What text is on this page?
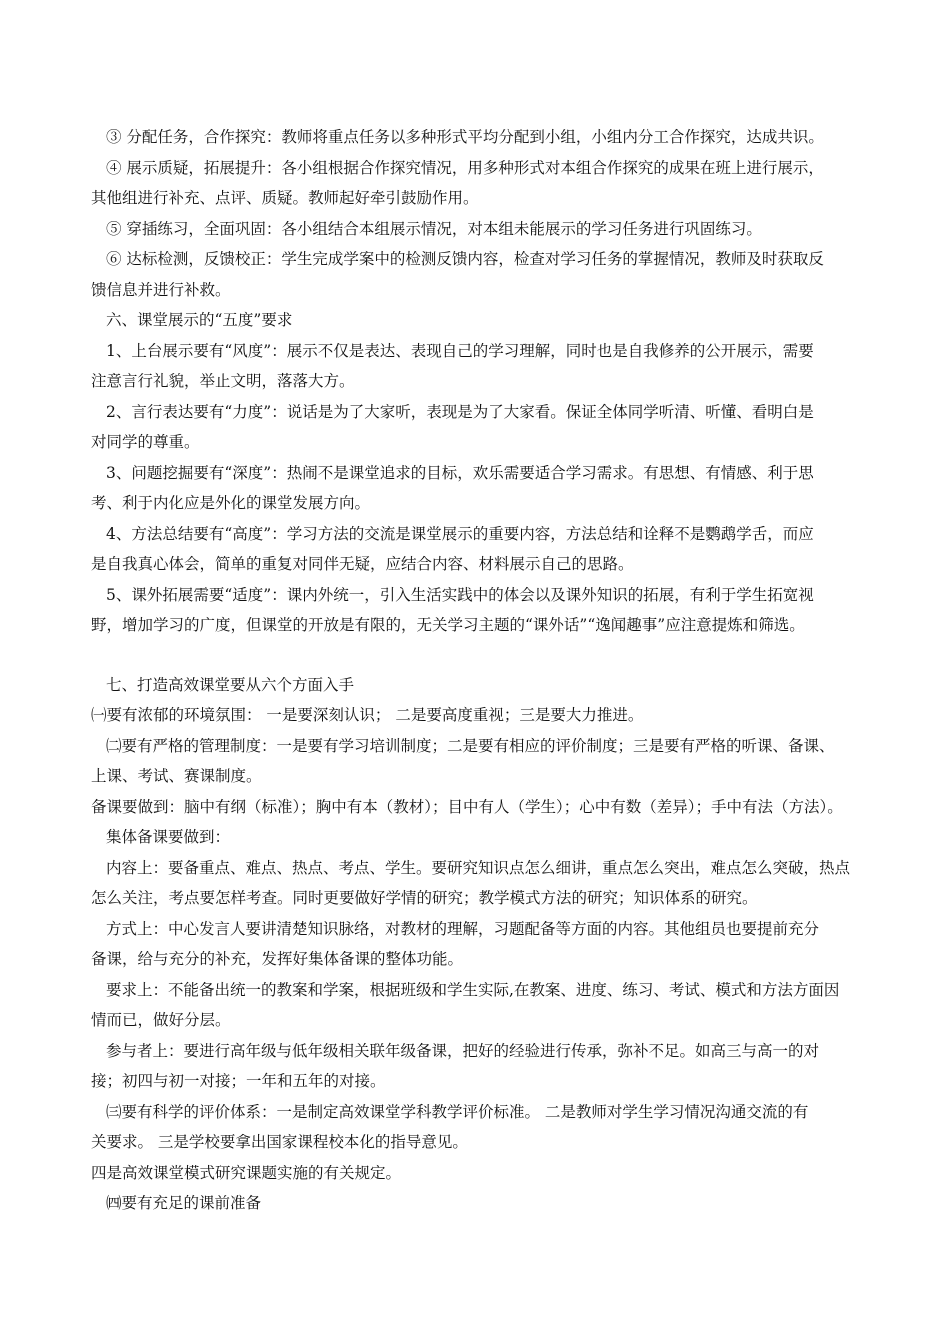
③ 分配任务，合作探究：教师将重点任务以多种形式平均分配到小组，小组内分工合作探究，达成共识。
④ 展示质疑，拓展提升：各小组根据合作探究情况，用多种形式对本组合作探究的成果在班上进行展示，
其他组进行补充、点评、质疑。教师起好牵引鼓励作用。
⑤ 穿插练习，全面巩固：各小组结合本组展示情况，对本组未能展示的学习任务进行巩固练习。
⑥ 达标检测，反馈校正：学生完成学案中的检测反馈内容，检查对学习任务的掌握情况，教师及时获取反
馈信息并进行补救。
六、课堂展示的“五度”要求
1、上台展示要有“风度”：展示不仅是表达、表现自己的学习理解，同时也是自我修养的公开展示，需要
注意言行礼貌，举止文明，落落大方。
2、言行表达要有“力度”：说话是为了大家听，表现是为了大家看。保证全体同学听清、听懂、看明白是
对同学的尊重。
3、问题挖掘要有“深度”：热闹不是课堂追求的目标，欢乐需要适合学习需求。有思想、有情感、利于思
考、利于内化应是外化的课堂发展方向。
4、方法总结要有“高度”：学习方法的交流是课堂展示的重要内容，方法总结和诠释不是鹦鹉学舌，而应
是自我真心体会，简单的重复对同伴无疑，应结合内容、材料展示自己的思路。
5、课外拓展需要“适度”：课内外统一，引入生活实践中的体会以及课外知识的拓展，有利于学生拓宽视
野，增加学习的广度，但课堂的开放是有限的，无关学习主题的“课外话”“逸闻趣事”应注意提炼和筛选。
七、打造高效课堂要从六个方面入手
㈠要有浓郁的环境氛围： 一是要深刻认识； 二是要高度重视；三是要大力推进。
㈡要有严格的管理制度：一是要有学习培训制度；二是要有相应的评价制度；三是要有严格的听课、备课、
上课、考试、赛课制度。
备课要做到：脑中有纲（标准）；胸中有本（教材）；目中有人（学生）；心中有数（差异）；手中有法（方法）。
集体备课要做到：
内容上：要备重点、难点、热点、考点、学生。要研究知识点怎么细讲，重点怎么突出，难点怎么突破，热点
怎么关注，考点要怎样考查。同时更要做好学情的研究；教学模式方法的研究；知识体系的研究。
方式上：中心发言人要讲清楚知识脉络，对教材的理解，习题配备等方面的内容。其他组员也要提前充分
备课，给与充分的补充，发挥好集体备课的整体功能。
要求上：不能备出统一的教案和学案，根据班级和学生实际,在教案、进度、练习、考试、模式和方法方面因
情而已，做好分层。
参与者上：要进行高年级与低年级相关联年级备课，把好的经验进行传承，弥补不足。如高三与高一的对
接；初四与初一对接；一年和五年的对接。
㈢要有科学的评价体系：一是制定高效课堂学科教学评价标准。 二是教师对学生学习情况沟通交流的有
关要求。 三是学校要拿出国家课程校本化的指导意见。
四是高效课堂模式研究课题实施的有关规定。
㈣要有充足的课前准备
